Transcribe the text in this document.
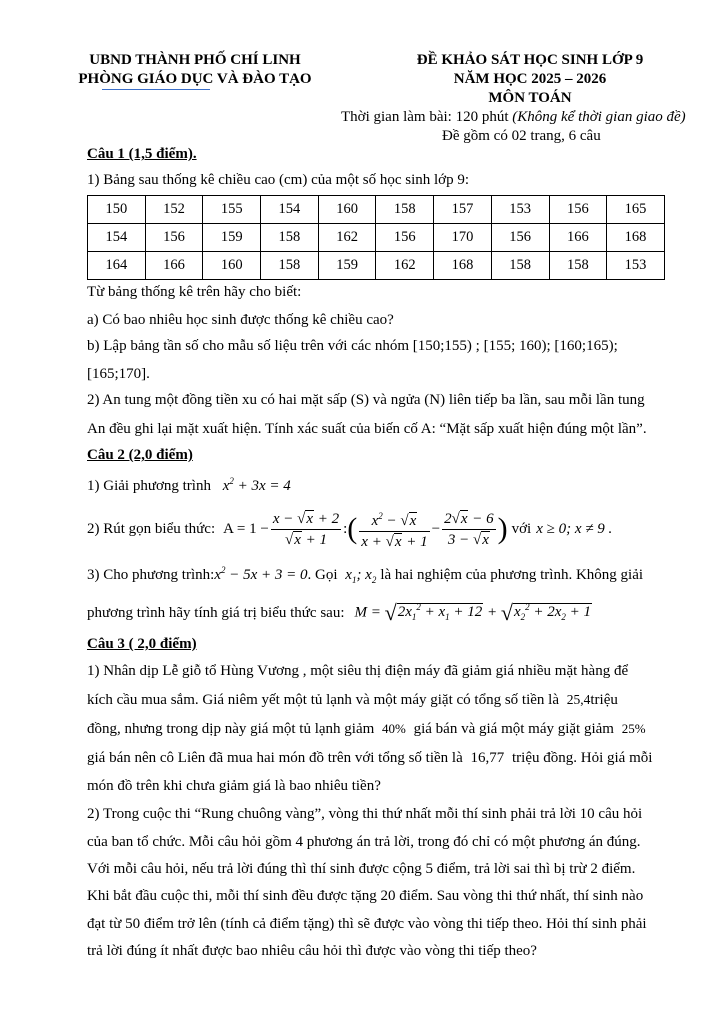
UBND THÀNH PHỐ CHÍ LINH
PHÒNG GIÁO DỤC VÀ ĐÀO TẠO
ĐỀ KHẢO SÁT HỌC SINH LỚP 9
NĂM HỌC 2025 – 2026
MÔN TOÁN
Thời gian làm bài: 120 phút (Không kể thời gian giao đề)
Đề gồm có 02 trang, 6 câu
Câu 1 (1,5 điểm).
1) Bảng sau thống kê chiều cao (cm) của một số học sinh lớp 9:
150	152	155	154	160	158	157	153	156	165
154	156	159	158	162	156	170	156	166	168
164	166	160	158	159	162	168	158	158	153
Từ bảng thống kê trên hãy cho biết:
a) Có bao nhiêu học sinh được thống kê chiều cao?
b) Lập bảng tần số cho mẫu số liệu trên với các nhóm [150;155) ; [155; 160); [160;165);
[165;170].
2) An tung một đồng tiền xu có hai mặt sấp (S) và ngửa (N) liên tiếp ba lần, sau mỗi lần tung
An đều ghi lại mặt xuất hiện. Tính xác suất của biến cố A: “Mặt sấp xuất hiện đúng một lần”.
Câu 2 (2,0 điểm)
1) Giải phương trình $x^2 + 3x = 4$
2) Rút gọn biểu thức: $A = 1 - \frac{x - √x + 2}{√x + 1}$ : ( $\frac{x^2 - √x}{x + √x + 1} - \frac{2√x - 6}{3 - √x}$ ) với x ≥ 0; x ≠ 9 .
3) Cho phương $trình:x^2 - 5x + 3 = 0$. Gọi $x_1$; $x_2$ là hai nghiệm của phương trình. Không giải
phương trình hãy tính giá trị biểu thức sau: $M = √2x_1^2 + x_1 + 12 + √x_2^2 + 2x_2 + 1$
Câu 3 ( 2,0 điểm)
1) Nhân dịp Lễ giỗ tổ Hùng Vương , một siêu thị điện máy đã giảm giá nhiều mặt hàng để
kích cầu mua sắm. Giá niêm yết một tủ lạnh và một máy giặt có tổng số tiền là 25,4triệu
đồng, nhưng trong dịp này giá một tủ lạnh giảm 40% giá bán và giá một máy giặt giảm 25%
giá bán nên cô Liên đã mua hai món đồ trên với tổng số tiền là 16,77 triệu đồng. Hỏi giá mỗi
món đồ trên khi chưa giảm giá là bao nhiêu tiền?
2) Trong cuộc thi “Rung chuông vàng”, vòng thi thứ nhất mỗi thí sinh phải trả lời 10 câu hỏi
của ban tổ chức. Mỗi câu hỏi gồm 4 phương án trả lời, trong đó chỉ có một phương án đúng.
Với mỗi câu hỏi, nếu trả lời đúng thì thí sinh được cộng 5 điểm, trả lời sai thì bị trừ 2 điểm.
Khi bắt đầu cuộc thi, mỗi thí sinh đều được tặng 20 điểm. Sau vòng thi thứ nhất, thí sinh nào
đạt từ 50 điểm trở lên (tính cả điểm tặng) thì sẽ được vào vòng thi tiếp theo. Hỏi thí sinh phải
trả lời đúng ít nhất được bao nhiêu câu hỏi thì được vào vòng thi tiếp theo?
